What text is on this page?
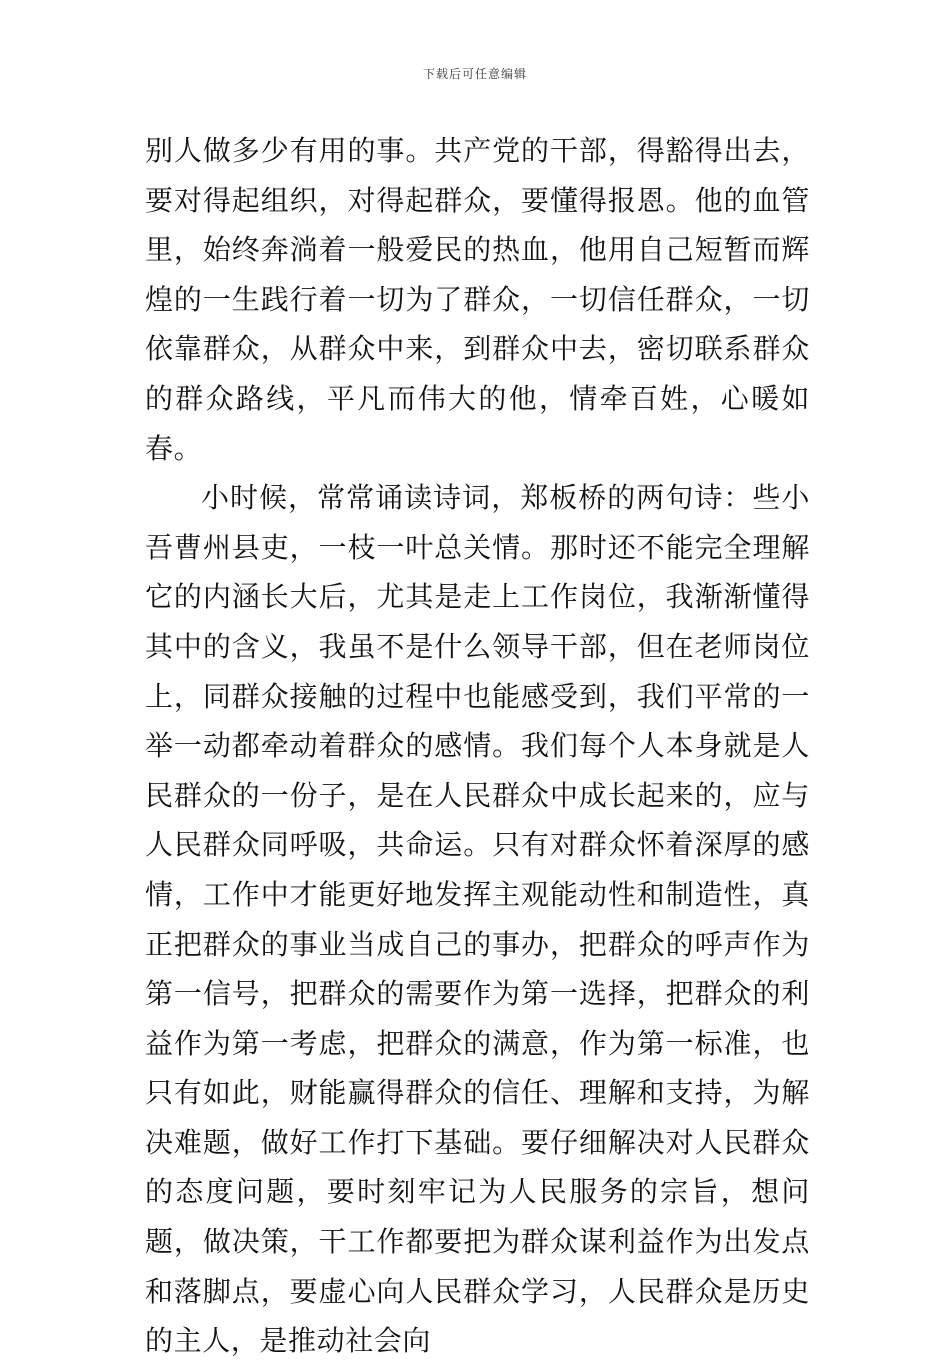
下载后可任意编辑

别人做多少有用的事。共产党的干部，得豁得出去，要对得起组织，对得起群众，要懂得报恩。他的血管里，始终奔淌着一般爱民的热血，他用自己短暂而辉煌的一生践行着一切为了群众，一切信任群众，一切依靠群众，从群众中来，到群众中去，密切联系群众的群众路线，平凡而伟大的他，情牵百姓，心暖如春。

小时候，常常诵读诗词，郑板桥的两句诗：些小吾曹州县吏，一枝一叶总关情。那时还不能完全理解它的内涵长大后，尤其是走上工作岗位，我渐渐懂得其中的含义，我虽不是什么领导干部，但在老师岗位上，同群众接触的过程中也能感受到，我们平常的一举一动都牵动着群众的感情。我们每个人本身就是人民群众的一份子，是在人民群众中成长起来的，应与人民群众同呼吸，共命运。只有对群众怀着深厚的感情，工作中才能更好地发挥主观能动性和制造性，真正把群众的事业当成自己的事办，把群众的呼声作为第一信号，把群众的需要作为第一选择，把群众的利益作为第一考虑，把群众的满意，作为第一标准，也只有如此，财能赢得群众的信任、理解和支持，为解决难题，做好工作打下基础。要仔细解决对人民群众的态度问题，要时刻牢记为人民服务的宗旨，想问题，做决策，干工作都要把为群众谋利益作为出发点和落脚点，要虚心向人民群众学习，人民群众是历史的主人，是推动社会向
